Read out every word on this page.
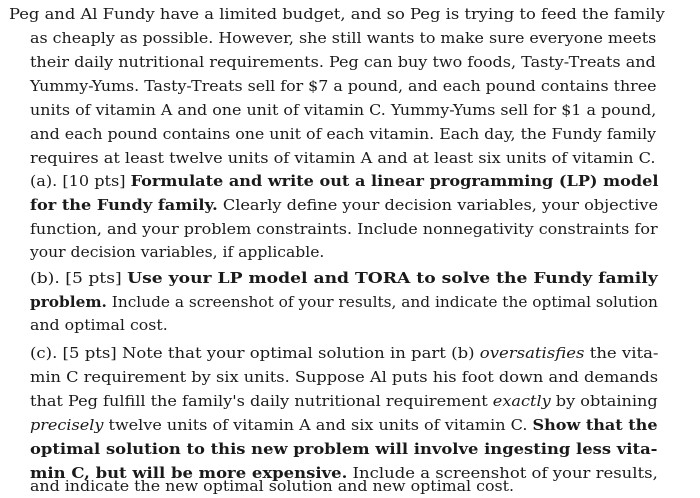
Peg and Al Fundy have a limited budget, and so Peg is trying to feed the family

as cheaply as possible. However, she still wants to make sure everyone meets

their daily nutritional requirements. Peg can buy two foods, Tasty-Treats and

Yummy-Yums. Tasty-Treats sell for $7 a pound, and each pound contains three

units of vitamin A and one unit of vitamin C. Yummy-Yums sell for $1 a pound,

and each pound contains one unit of each vitamin. Each day, the Fundy family

requires at least twelve units of vitamin A and at least six units of vitamin C.

(a). [10 pts] Formulate and write out a linear programming (LP) model

for the Fundy family. Clearly define your decision variables, your objective

function, and your problem constraints. Include nonnegativity constraints for

your decision variables, if applicable.

(b). [5 pts] Use your LP model and TORA to solve the Fundy family

problem. Include a screenshot of your results, and indicate the optimal solution

and optimal cost.

(c). [5 pts] Note that your optimal solution in part (b) oversatisfies the vita-

min C requirement by six units. Suppose Al puts his foot down and demands

that Peg fulfill the family's daily nutritional requirement exactly by obtaining

precisely twelve units of vitamin A and six units of vitamin C. Show that the

optimal solution to this new problem will involve ingesting less vita-

min C, but will be more expensive. Include a screenshot of your results,

and indicate the new optimal solution and new optimal cost.
